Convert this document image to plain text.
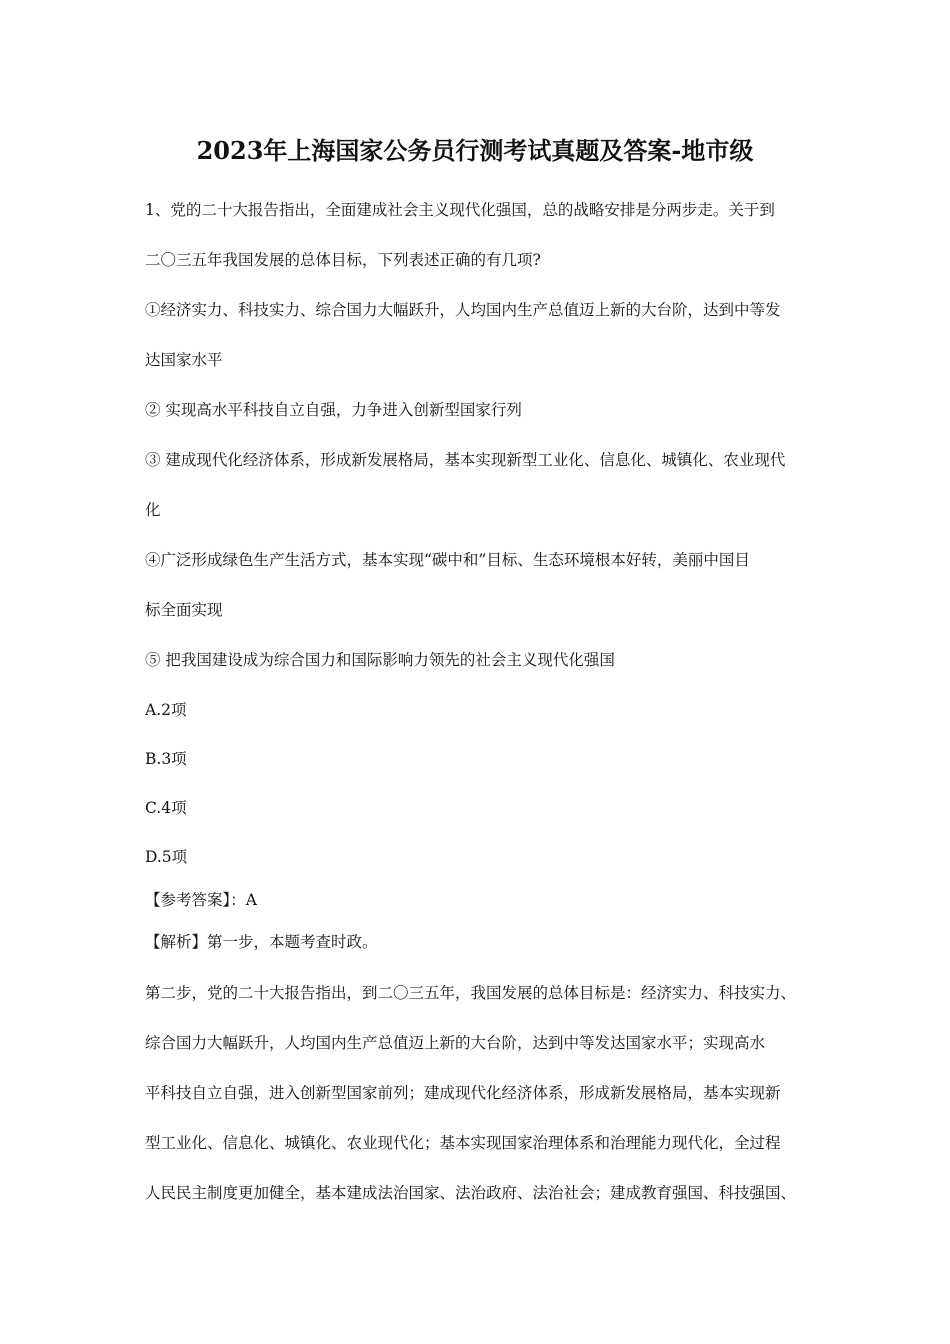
2023年上海国家公务员行测考试真题及答案-地市级
1、党的二十大报告指出，全面建成社会主义现代化强国，总的战略安排是分两步走。关于到
二〇三五年我国发展的总体目标，下列表述正确的有几项?
①经济实力、科技实力、综合国力大幅跃升，人均国内生产总值迈上新的大台阶，达到中等发
达国家水平
② 实现高水平科技自立自强，力争进入创新型国家行列
③ 建成现代化经济体系，形成新发展格局，基本实现新型工业化、信息化、城镇化、农业现代
化
④广泛形成绿色生产生活方式，基本实现“碳中和”目标、生态环境根本好转，美丽中国目
标全面实现
⑤ 把我国建设成为综合国力和国际影响力领先的社会主义现代化强国
A.2项
B.3项
C.4项
D.5项
【参考答案】：A
【解析】第一步，本题考查时政。
第二步，党的二十大报告指出，到二〇三五年，我国发展的总体目标是：经济实力、科技实力、
综合国力大幅跃升，人均国内生产总值迈上新的大台阶，达到中等发达国家水平；实现高水
平科技自立自强，进入创新型国家前列；建成现代化经济体系，形成新发展格局，基本实现新
型工业化、信息化、城镇化、农业现代化；基本实现国家治理体系和治理能力现代化，全过程
人民民主制度更加健全，基本建成法治国家、法治政府、法治社会；建成教育强国、科技强国、
